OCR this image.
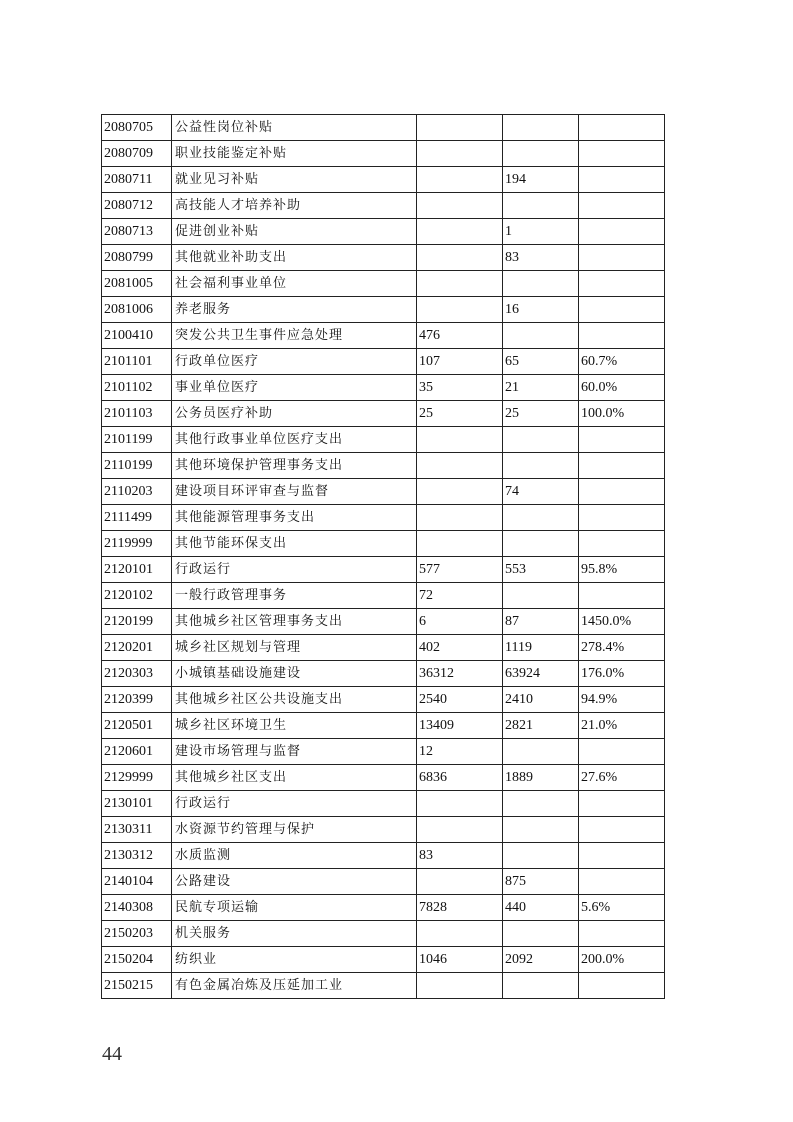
2080705	公益性岗位补贴			
2080709	职业技能鉴定补贴			
2080711	就业见习补贴		194	
2080712	高技能人才培养补助			
2080713	促进创业补贴		1	
2080799	其他就业补助支出		83	
2081005	社会福利事业单位			
2081006	养老服务		16	
2100410	突发公共卫生事件应急处理	476		
2101101	行政单位医疗	107	65	60.7%
2101102	事业单位医疗	35	21	60.0%
2101103	公务员医疗补助	25	25	100.0%
2101199	其他行政事业单位医疗支出			
2110199	其他环境保护管理事务支出			
2110203	建设项目环评审查与监督		74	
2111499	其他能源管理事务支出			
2119999	其他节能环保支出			
2120101	行政运行	577	553	95.8%
2120102	一般行政管理事务	72		
2120199	其他城乡社区管理事务支出	6	87	1450.0%
2120201	城乡社区规划与管理	402	1119	278.4%
2120303	小城镇基础设施建设	36312	63924	176.0%
2120399	其他城乡社区公共设施支出	2540	2410	94.9%
2120501	城乡社区环境卫生	13409	2821	21.0%
2120601	建设市场管理与监督	12		
2129999	其他城乡社区支出	6836	1889	27.6%
2130101	行政运行			
2130311	水资源节约管理与保护			
2130312	水质监测	83		
2140104	公路建设		875	
2140308	民航专项运输	7828	440	5.6%
2150203	机关服务			
2150204	纺织业	1046	2092	200.0%
2150215	有色金属冶炼及压延加工业			
44
